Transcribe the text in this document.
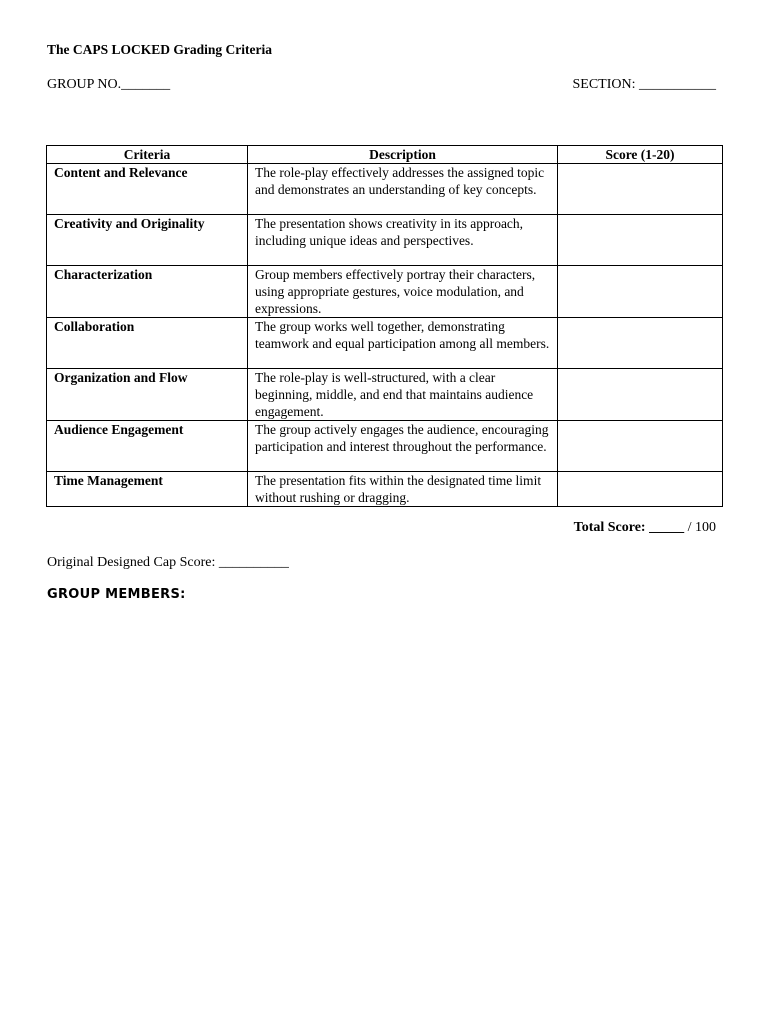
The CAPS LOCKED Grading Criteria
GROUP NO._______	SECTION: ___________
Criteria	Description	Score (1-20)
Content and Relevance	The role-play effectively addresses the assigned topic and demonstrates an understanding of key concepts.	
Creativity and Originality	The presentation shows creativity in its approach, including unique ideas and perspectives.	
Characterization	Group members effectively portray their characters, using appropriate gestures, voice modulation, and expressions.	
Collaboration	The group works well together, demonstrating teamwork and equal participation among all members.	
Organization and Flow	The role-play is well-structured, with a clear beginning, middle, and end that maintains audience engagement.	
Audience Engagement	The group actively engages the audience, encouraging participation and interest throughout the performance.	
Time Management	The presentation fits within the designated time limit without rushing or dragging.	
Total Score: _____ / 100
Original Designed Cap Score: __________
GROUP MEMBERS:
